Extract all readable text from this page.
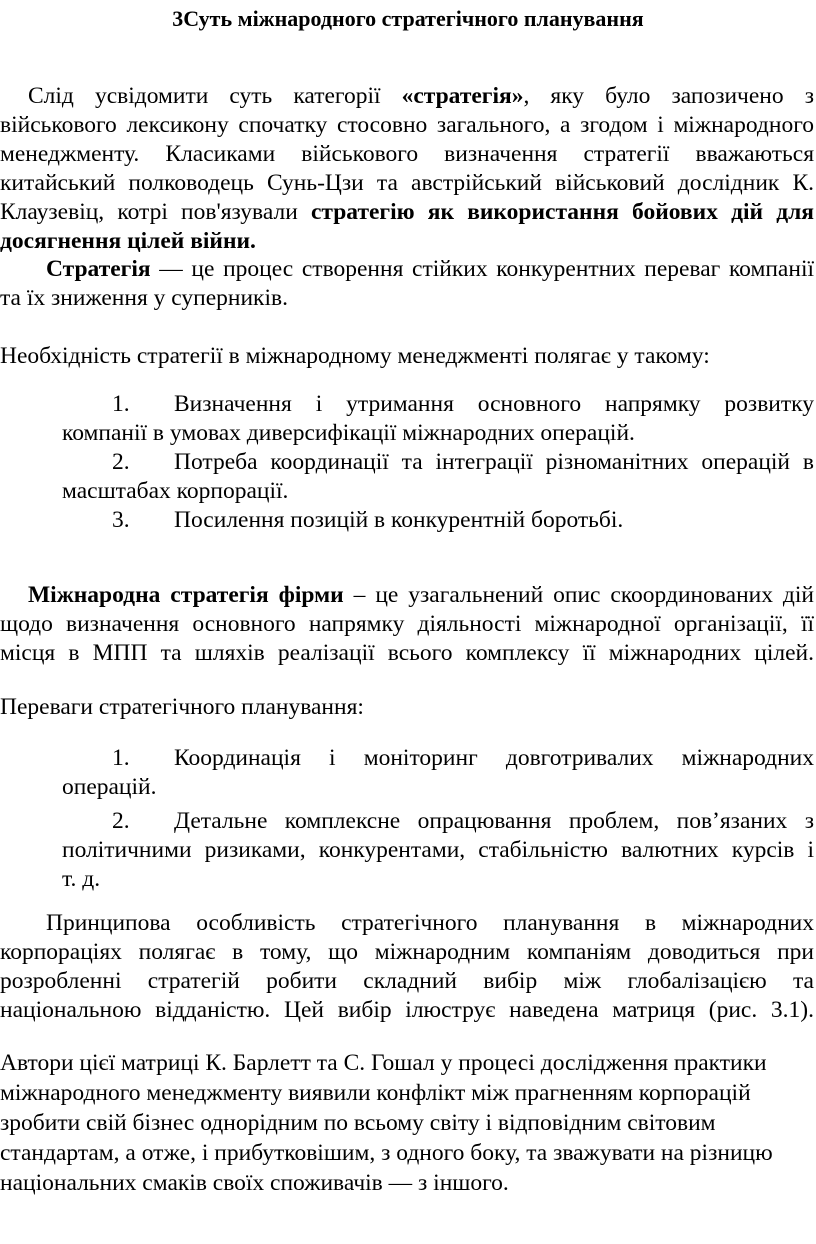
3Суть міжнародного стратегічного планування
Слід усвідомити суть категорії «стратегія», яку було запозичено з
військового лексикону спочатку стосовно загального, а згодом і міжнародного
менеджменту. Класиками військового визначення стратегії вважаються
китайський полководець Сунь-Цзи та австрійський військовий дослідник К.
Клаузевіц, котрі пов'язували стратегію як використання бойових дій для
досягнення цілей війни.
Стратегія — це процес створення стійких конкурентних переваг компанії
та їх зниження у суперників.
Необхідність стратегії в міжнародному менеджменті полягає у такому:
1. Визначення і утримання основного напрямку розвитку
компанії в умовах диверсифікації міжнародних операцій.
2. Потреба координації та інтеграції різноманітних операцій в
масштабах корпорації.
3. Посилення позицій в конкурентній боротьбі.
Міжнародна стратегія фірми – це узагальнений опис скоординованих дій
щодо визначення основного напрямку діяльності міжнародної організації, її
місця в МПП та шляхів реалізації всього комплексу її міжнародних цілей.
Переваги стратегічного планування:
1. Координація і моніторинг довготривалих міжнародних
операцій.
2. Детальне комплексне опрацювання проблем, пов’язаних з
політичними ризиками, конкурентами, стабільністю валютних курсів і
т. д.
Принципова особливість стратегічного планування в міжнародних
корпораціях полягає в тому, що міжнародним компаніям доводиться при
розробленні стратегій робити складний вибір між глобалізацією та
національною відданістю. Цей вибір ілюструє наведена матриця (рис. 3.1).
Автори цієї матриці К. Барлетт та С. Гошал у процесі дослідження практики
міжнародного менеджменту виявили конфлікт між прагненням корпорацій
зробити свій бізнес однорідним по всьому світу і відповідним світовим
стандартам, а отже, і прибутковішим, з одного боку, та зважувати на різницю
національних смаків своїх споживачів — з іншого.
